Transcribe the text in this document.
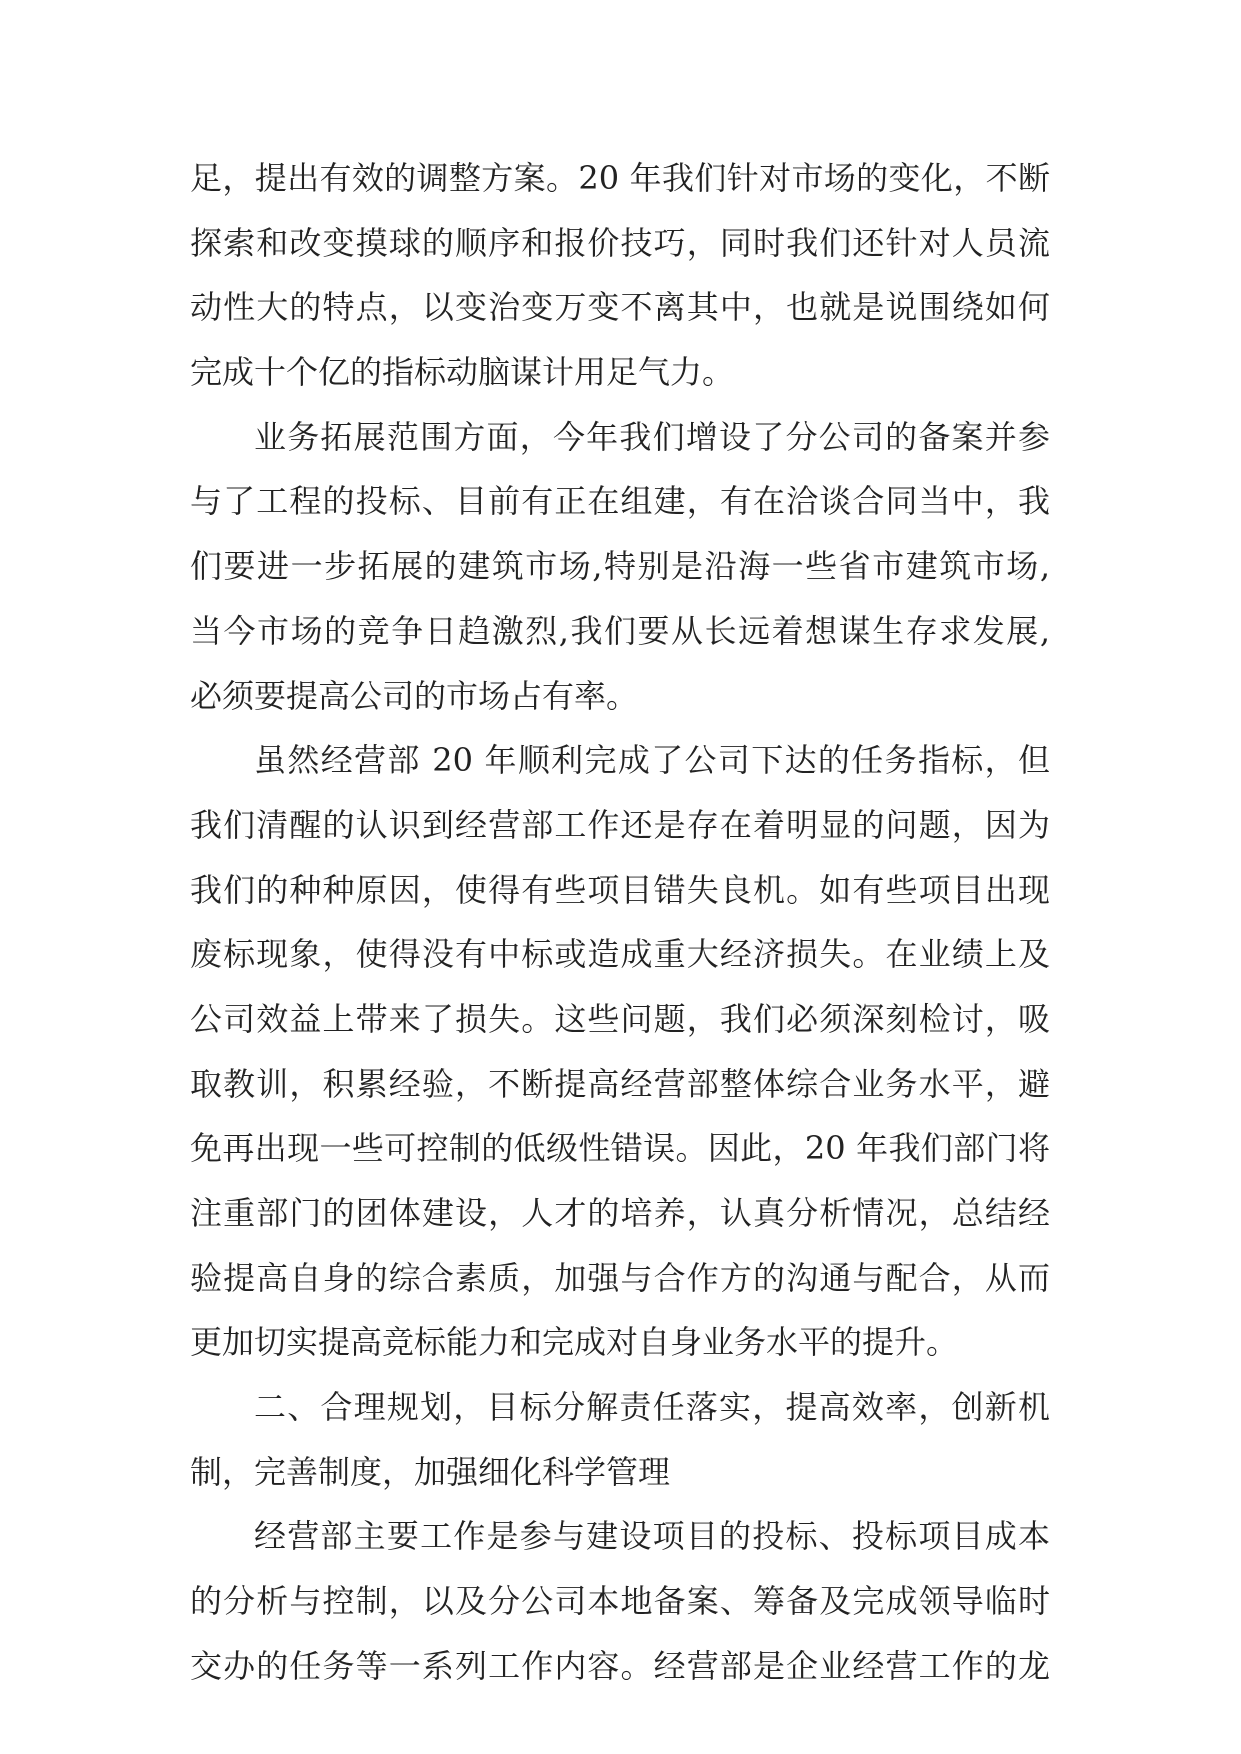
足，提出有效的调整方案。20 年我们针对市场的变化，不断
探索和改变摸球的顺序和报价技巧，同时我们还针对人员流
动性大的特点，以变治变万变不离其中，也就是说围绕如何
完成十个亿的指标动脑谋计用足气力。
业务拓展范围方面，今年我们增设了分公司的备案并参
与了工程的投标、目前有正在组建，有在洽谈合同当中，我
们要进一步拓展的建筑市场,特别是沿海一些省市建筑市场,
当今市场的竞争日趋激烈,我们要从长远着想谋生存求发展,
必须要提高公司的市场占有率。
虽然经营部 20 年顺利完成了公司下达的任务指标，但
我们清醒的认识到经营部工作还是存在着明显的问题，因为
我们的种种原因，使得有些项目错失良机。如有些项目出现
废标现象，使得没有中标或造成重大经济损失。在业绩上及
公司效益上带来了损失。这些问题，我们必须深刻检讨，吸
取教训，积累经验，不断提高经营部整体综合业务水平，避
免再出现一些可控制的低级性错误。因此，20 年我们部门将
注重部门的团体建设，人才的培养，认真分析情况，总结经
验提高自身的综合素质，加强与合作方的沟通与配合，从而
更加切实提高竞标能力和完成对自身业务水平的提升。
二、合理规划，目标分解责任落实，提高效率，创新机
制，完善制度，加强细化科学管理
经营部主要工作是参与建设项目的投标、投标项目成本
的分析与控制，以及分公司本地备案、筹备及完成领导临时
交办的任务等一系列工作内容。经营部是企业经营工作的龙
